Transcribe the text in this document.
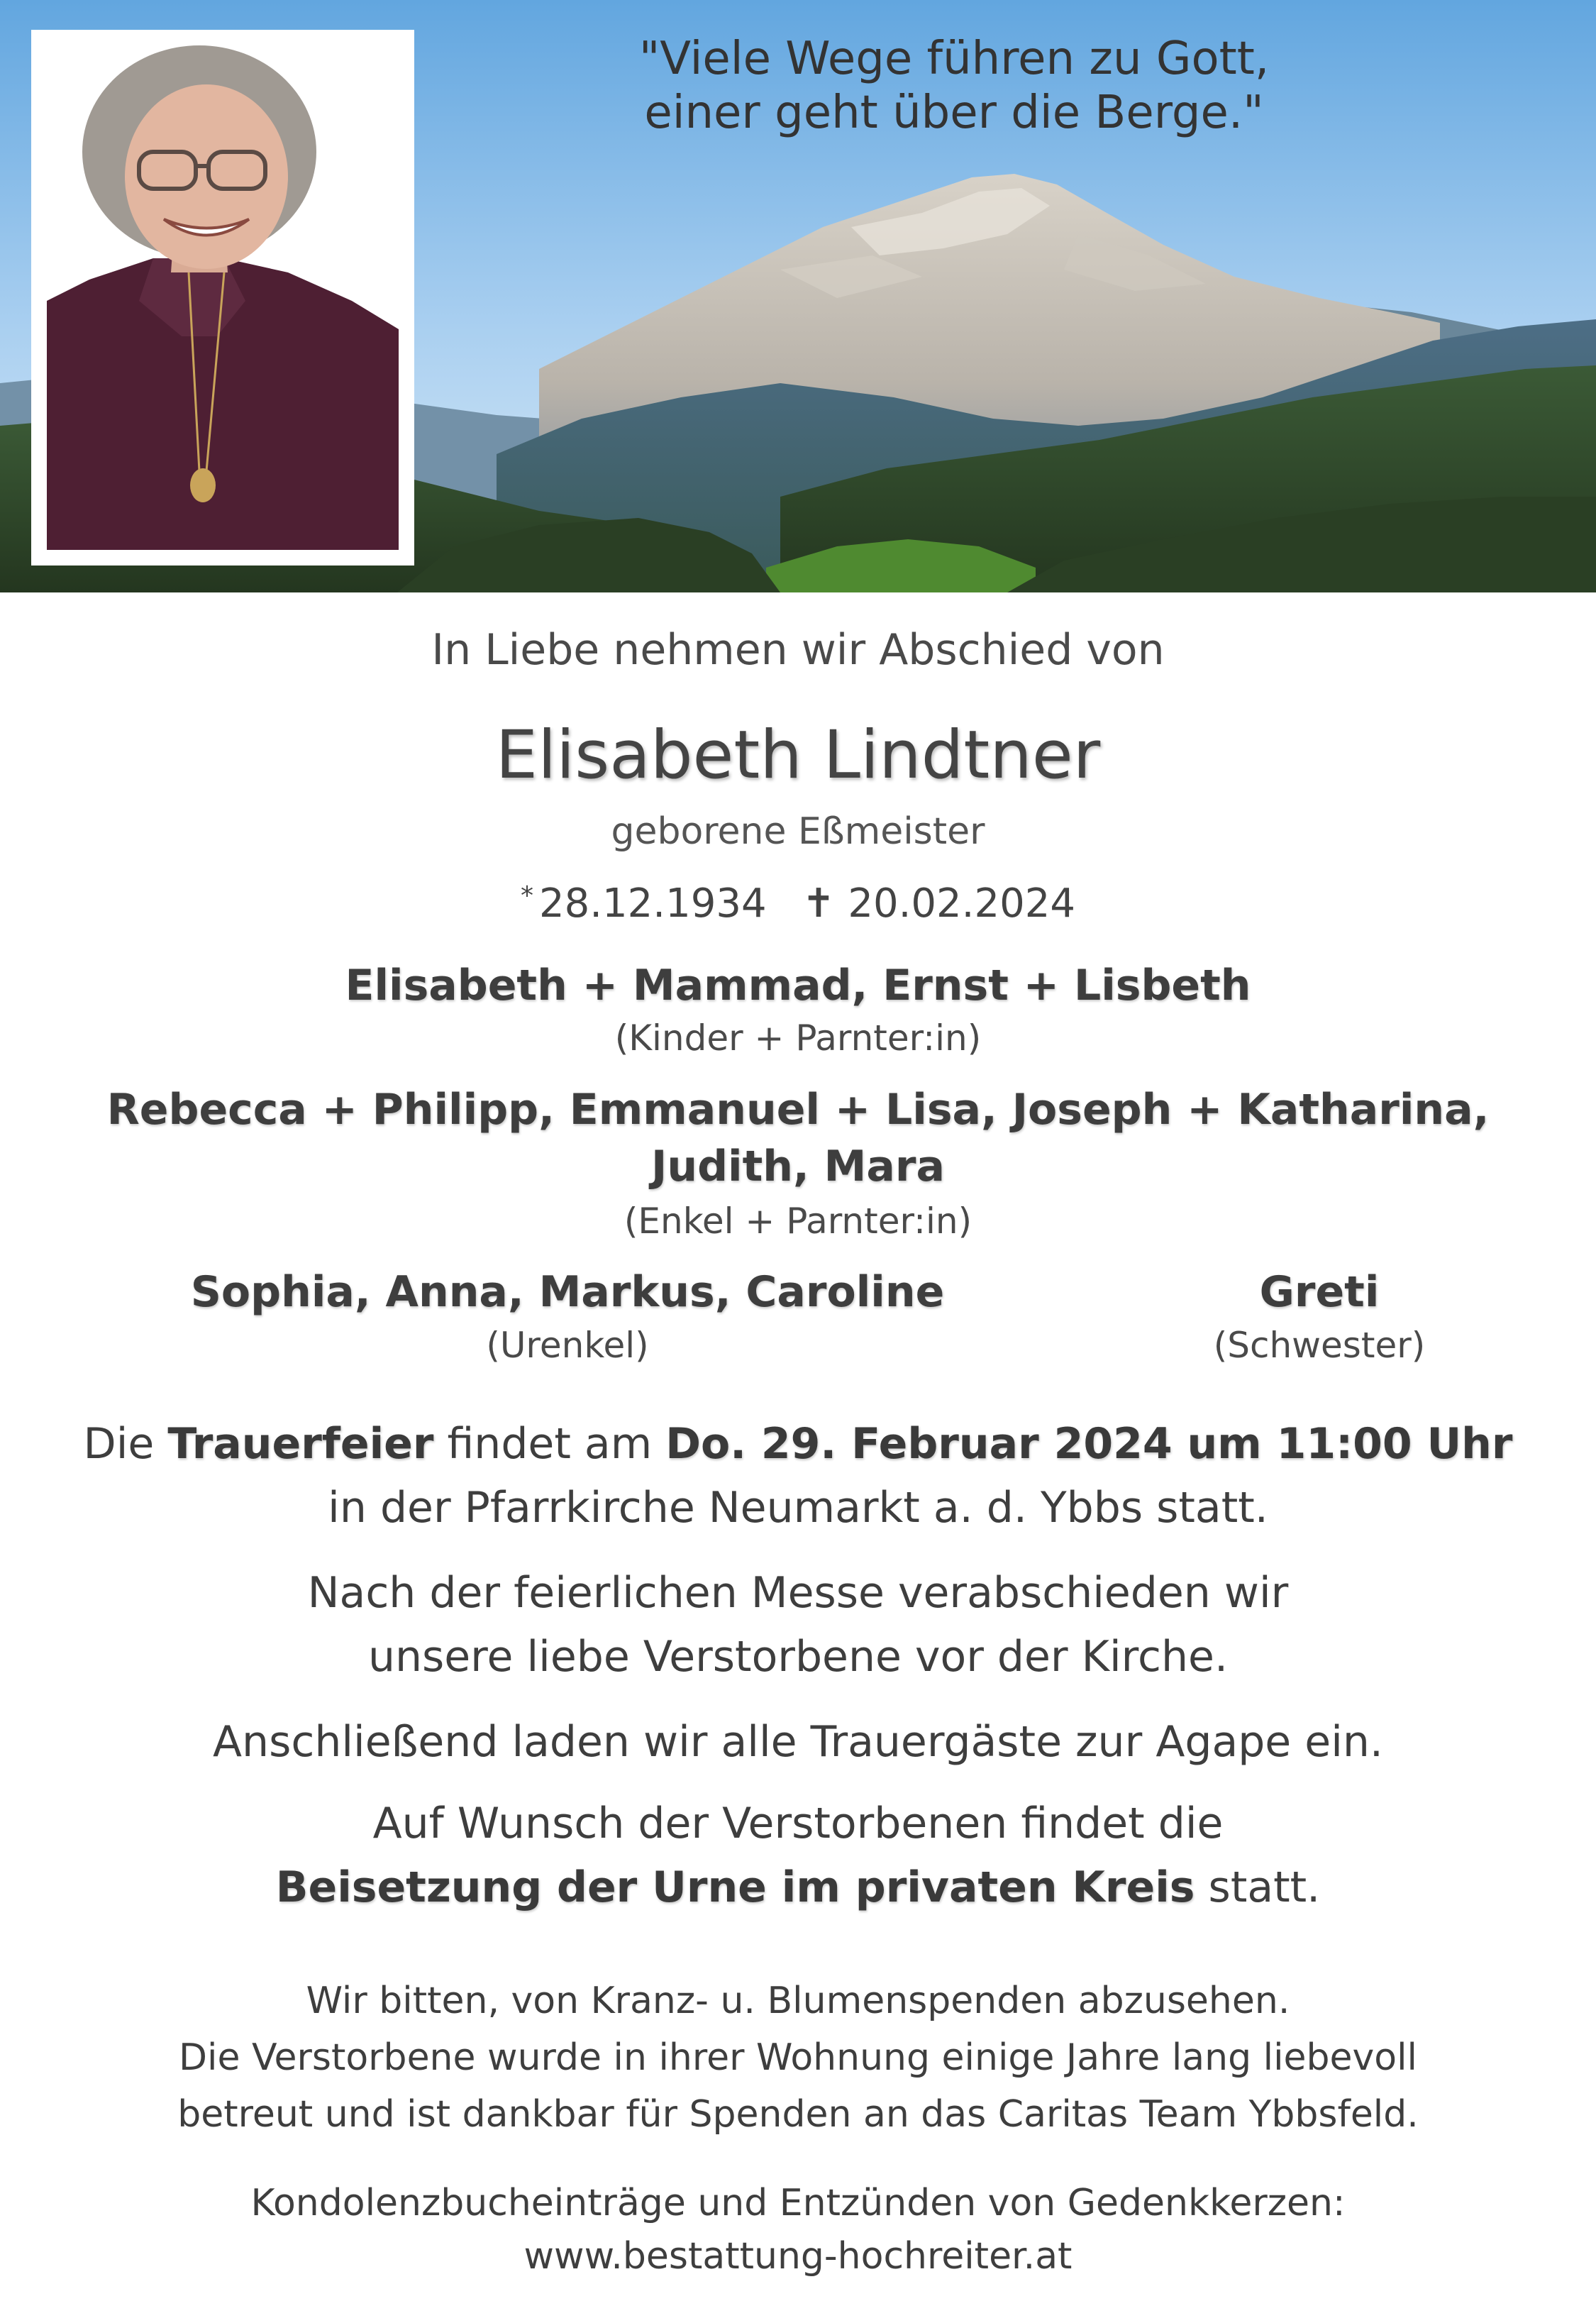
"Viele Wege führen zu Gott,
einer geht über die Berge."
In Liebe nehmen wir Abschied von
Elisabeth Lindtner
geborene Eßmeister
* 28.12.1934 ✝ 20.02.2024
Elisabeth + Mammad, Ernst + Lisbeth
(Kinder + Parnter:in)
Rebecca + Philipp, Emmanuel + Lisa, Joseph + Katharina,
Judith, Mara
(Enkel + Parnter:in)
Sophia, Anna, Markus, Caroline
(Urenkel)
Greti
(Schwester)
Die Trauerfeier findet am Do. 29. Februar 2024 um 11:00 Uhr
in der Pfarrkirche Neumarkt a. d. Ybbs statt.
Nach der feierlichen Messe verabschieden wir
unsere liebe Verstorbene vor der Kirche.
Anschließend laden wir alle Trauergäste zur Agape ein.
Auf Wunsch der Verstorbenen findet die
Beisetzung der Urne im privaten Kreis statt.
Wir bitten, von Kranz- u. Blumenspenden abzusehen.
Die Verstorbene wurde in ihrer Wohnung einige Jahre lang liebevoll
betreut und ist dankbar für Spenden an das Caritas Team Ybbsfeld.
Kondolenzbucheinträge und Entzünden von Gedenkkerzen:
www.bestattung-hochreiter.at
